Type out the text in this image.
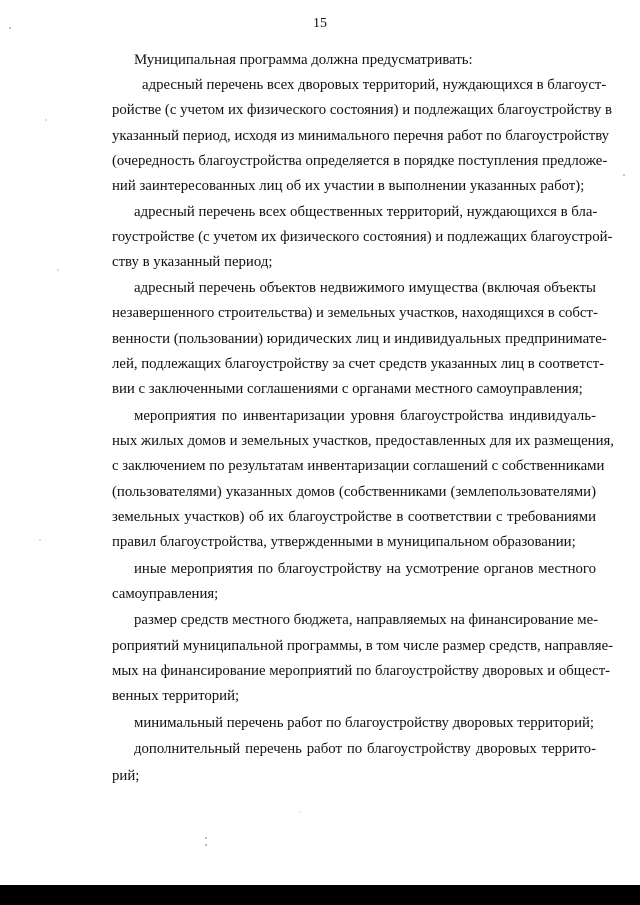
15
Муниципальная программа должна предусматривать:
адресный перечень всех дворовых территорий, нуждающихся в благоуст-
ройстве (с учетом их физического состояния) и подлежащих благоустройству в
указанный период, исходя из минимального перечня работ по благоустройству
(очередность благоустройства определяется в порядке поступления предложе-
ний заинтересованных лиц об их участии в выполнении указанных работ);
адресный перечень всех общественных территорий, нуждающихся в бла-
гоустройстве (с учетом их физического состояния) и подлежащих благоустрой-
ству в указанный период;
адресный перечень объектов недвижимого имущества (включая объекты
незавершенного строительства) и земельных участков, находящихся в собст-
венности (пользовании) юридических лиц и индивидуальных предпринимате-
лей, подлежащих благоустройству за счет средств указанных лиц в соответст-
вии с заключенными соглашениями с органами местного самоуправления;
мероприятия по инвентаризации уровня благоустройства индивидуаль-
ных жилых домов и земельных участков, предоставленных для их размещения,
с заключением по результатам инвентаризации соглашений с собственниками
(пользователями) указанных домов (собственниками (землепользователями)
земельных участков) об их благоустройстве в соответствии с требованиями
правил благоустройства, утвержденными в муниципальном образовании;
иные мероприятия по благоустройству на усмотрение органов местного
самоуправления;
размер средств местного бюджета, направляемых на финансирование ме-
роприятий муниципальной программы, в том числе размер средств, направляе-
мых на финансирование мероприятий по благоустройству дворовых и общест-
венных территорий;
минимальный перечень работ по благоустройству дворовых территорий;
дополнительный перечень работ по благоустройству дворовых террито-
рий;
